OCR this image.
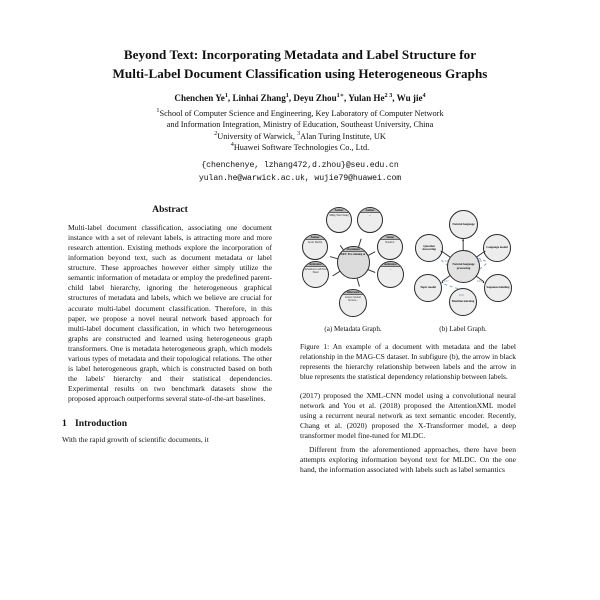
Beyond Text: Incorporating Metadata and Label Structure for
Multi-Label Document Classification using Heterogeneous Graphs
Chenchen Ye$^1$, Linhai Zhang$^1$, Deyu Zhou$^{1∗}$, Yulan $He^{2 3}$, Wu jie$^4$
$^1$School of Computer Science and Engineering, Key Laboratory of Computer Network
and Information Integration, Ministry of Education, Southeast University, China
$^2$University of Warwick, $^3$Alan Turing Institute, UK
$^4$Huawei Software Technologies Co., Ltd.
{chenchenye, lzhang472,d.zhou}@seu.edu.cn
yulan.he@warwick.ac.uk, wujie79@huawei.com
Abstract

Multi-label document classification, associating one document instance with a set of relevant labels, is attracting more and more research attention. Existing methods explore the incorporation of information beyond text, such as document metadata or label structure. These approaches however either simply utilize the semantic information of metadata or employ the predefined parent-child label hierarchy, ignoring the heterogeneous graphical structures of metadata and labels, which we believe are crucial for accurate multi-label document classification. Therefore, in this paper, we propose a novel neural network based approach for multi-label document classification, in which two heterogeneous graphs are constructed and learned using heterogeneous graph transformers. One is metadata heterogeneous graph, which models various types of metadata and their topological relations. The other is label heterogeneous graph, which is constructed based on both the labels' hierarchy and their statistical dependencies. Experimental results on two benchmark datasets show the proposed approach outperforms several state-of-the-art baselines.

1 Introduction

With the rapid growth of scientific documents, it

Author
Ming-Wei Chang
Author
...
Author
Jacob Devlin
Venue
NAACL
Reference
Attention is All You Need
Reference
...
Reference
Glove: Global Vectors...
Document
BERT: Pre-training of ...
(a) Metadata Graph.
0.32
0.21	0.28
0.17	0.24
0.19
Natural language
Question Answering	Language model
Natural language processing
Topic model	Sequence labeling
Machine learning
(b) Label Graph.

Figure 1: An example of a document with metadata and the label relationship in the MAG-CS dataset. In subfigure (b), the arrow in black represents the hierarchy relationship between labels and the arrow in blue represents the statistical dependency relationship between labels.

(2017) proposed the XML-CNN model using a convolutional neural network and You et al. (2018) proposed the AttentionXML model using a recurrent neural network as text semantic encoder. Recently, Chang et al. (2020) proposed the X-Transformer model, a deep transformer model fine-tuned for MLDC.

Different from the aforementioned approaches, there have been attempts exploring information beyond text for MLDC. On the one hand, the information associated with labels such as label semantics
